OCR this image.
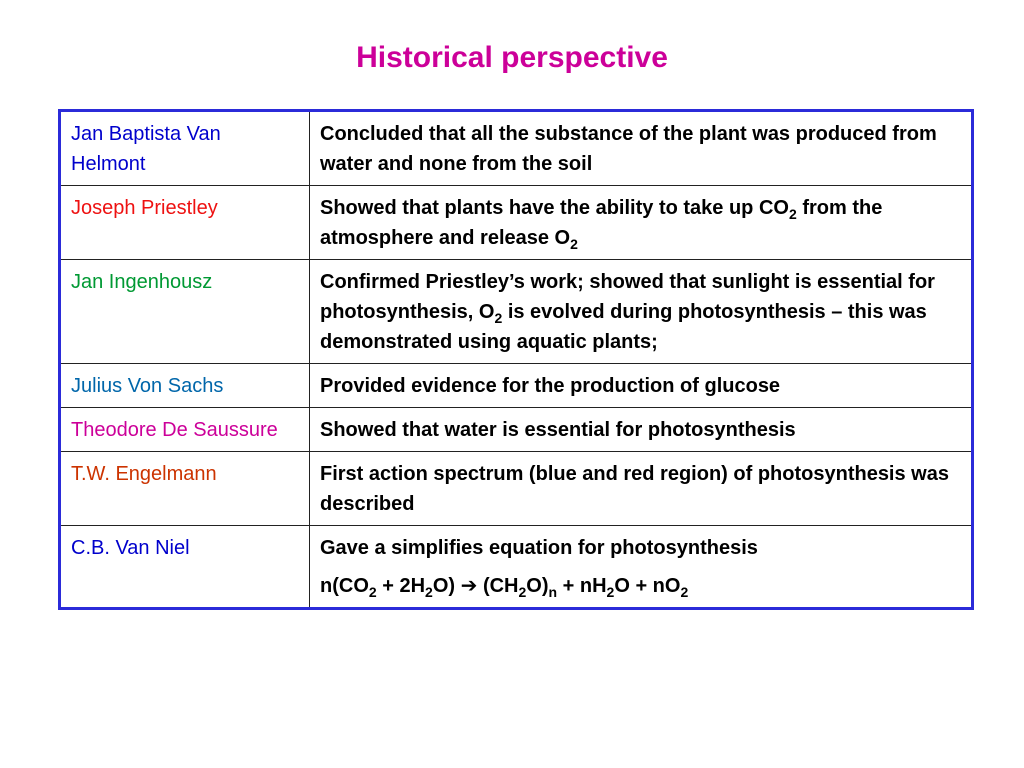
Historical perspective
Jan Baptista Van Helmont	Concluded that all the substance of the plant was produced from water and none from the soil
Joseph Priestley	Showed that plants have the ability to take up $CO_2$ from the atmosphere and release $O_2$
Jan Ingenhousz	Confirmed Priestley’s work; showed that sunlight is essential for photosynthesis, $O_2$ is evolved during photosynthesis – this was demonstrated using aquatic plants;
Julius Von Sachs	Provided evidence for the production of glucose
Theodore De Saussure	Showed that water is essential for photosynthesis
T.W. Engelmann	First action spectrum (blue and red region) of photosynthesis was described
C.B. Van Niel	Gave a simplifies equation for photosynthesis
$n(CO_2 + 2H_2O)$ ➔ $(CH_2O)_n + nH_2O + nO_2$
